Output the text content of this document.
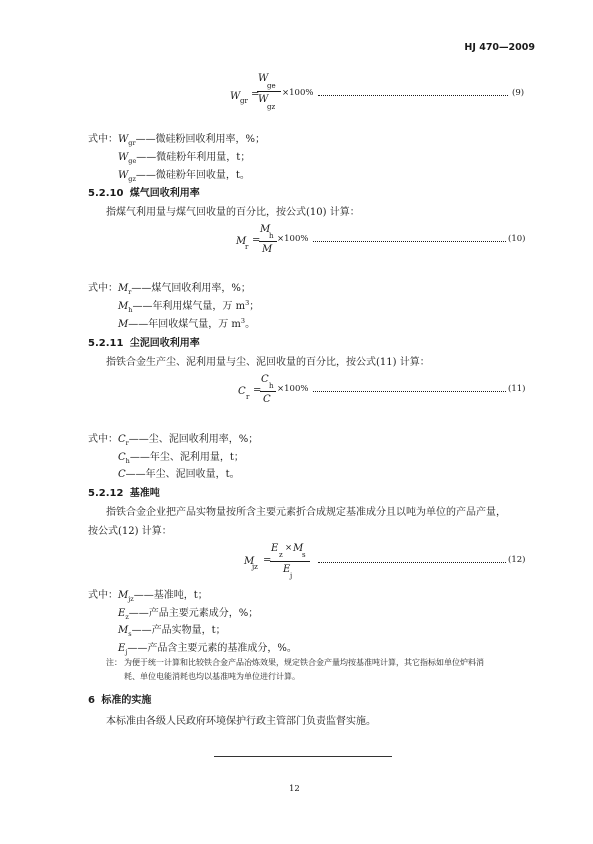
HJ 470—2009
W gr
=
W
ge
W
gz
×100%	(9)
式中： $W_{gr}——$微硅粉回收利用率，%；
$W_{ge}——$微硅粉年利用量，t；
$W_{gz}——$微硅粉年回收量，t。
5.2.10 煤气回收利用率
指煤气利用量与煤气回收量的百分比，按公式(10) 计算：
M
r
=
M
h
M
×100%	(10)
式中： $M_r——$煤气回收利用率，%；
$M_h——$年利用煤气量，万 $m^3$；
M——年回收煤气量，万 $m^3$。
5.2.11 尘泥回收利用率
指铁合金生产尘、泥利用量与尘、泥回收量的百分比，按公式(11) 计算：
C r
=
C
h
C
×100%	(11)
式中： $C_r——$尘、泥回收利用率，%；
$C_h——$年尘、泥利用量，t；
C——年尘、泥回收量，t。
5.2.12 基准吨
指铁合金企业把产品实物量按所含主要元素折合成规定基准成分且以吨为单位的产品产量，
按公式(12) 计算：
M
jz
=
E
z
× M
s
E
j
(12)
式中： $M_{jz}——$基准吨，t；
$E_z——$产品主要元素成分，%；
$M_s——$产品实物量，t；
$E_j——$产品含主要元素的基准成分，%。
注： 为便于统一计算和比较铁合金产品冶炼效果，规定铁合金产量均按基准吨计算，其它指标如单位炉料消
耗、单位电能消耗也均以基准吨为单位进行计算。
6 标准的实施
本标准由各级人民政府环境保护行政主管部门负责监督实施。
12
